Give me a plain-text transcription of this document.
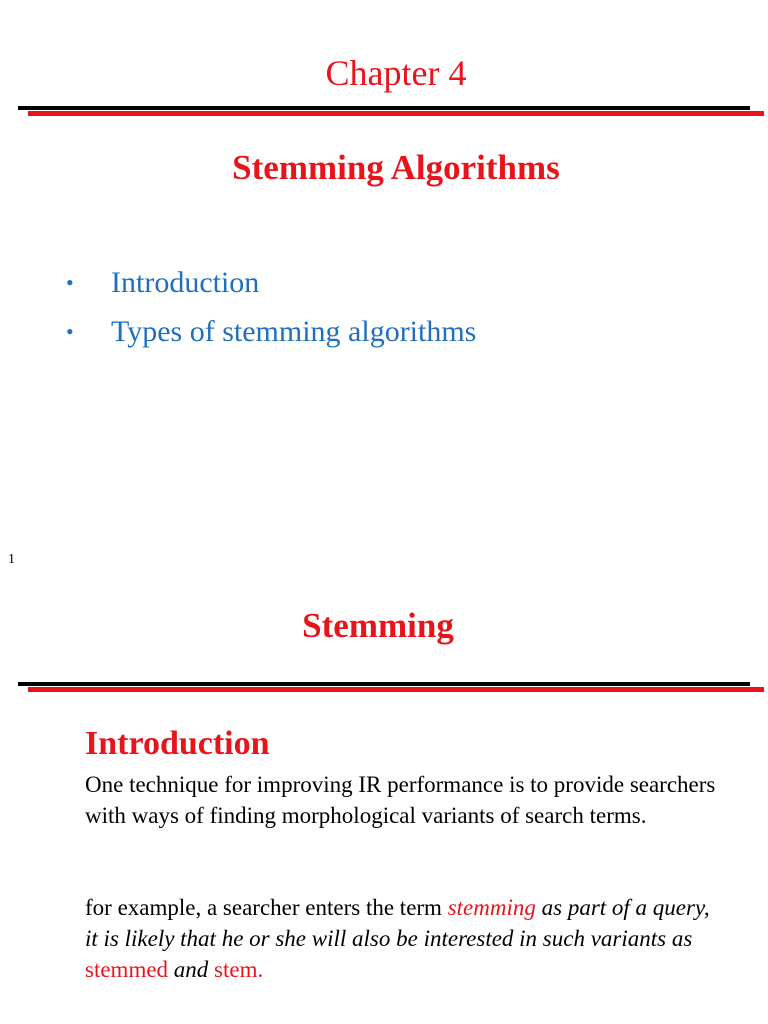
Chapter 4
Stemming Algorithms
• Introduction
• Types of stemming algorithms
1
Stemming
Introduction

One technique for improving IR performance is to provide searchers with ways of finding morphological variants of search terms.

for example, a searcher enters the term stemming as part of a query, it is likely that he or she will also be interested in such variants as stemmed and stem.
